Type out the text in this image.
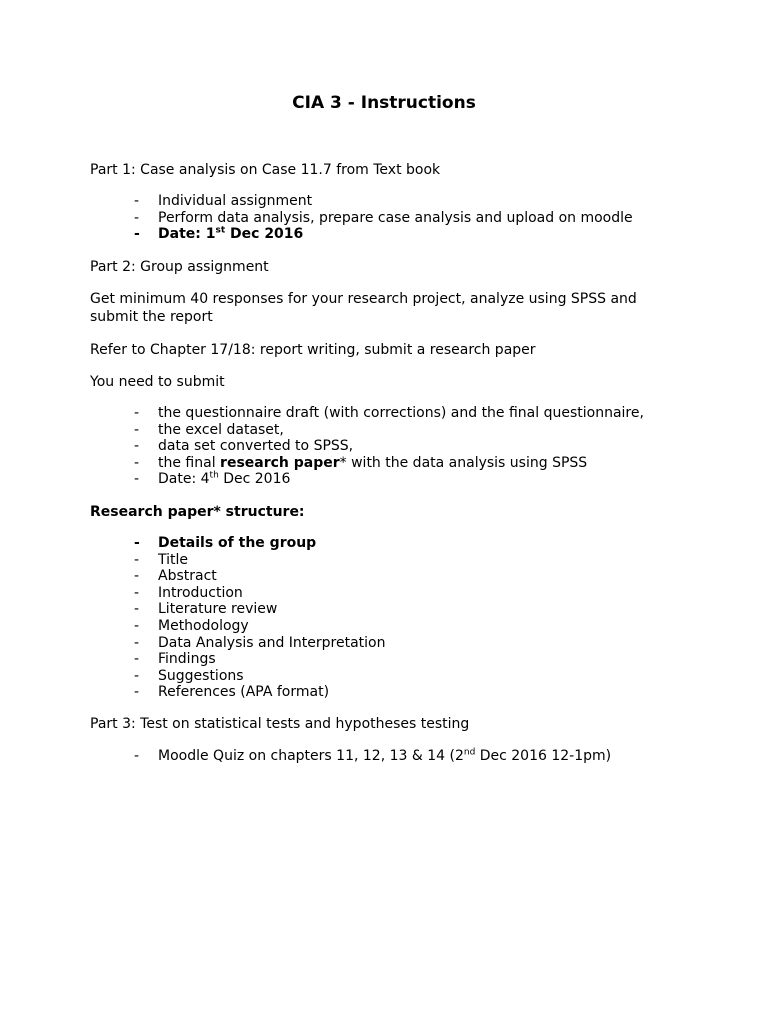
CIA 3 - Instructions
Part 1: Case analysis on Case 11.7 from Text book
- Individual assignment
- Perform data analysis, prepare case analysis and upload on moodle
- Date: 1st Dec 2016
Part 2: Group assignment
Get minimum 40 responses for your research project, analyze using SPSS and submit the report
Refer to Chapter 17/18: report writing, submit a research paper
You need to submit
- the questionnaire draft (with corrections) and the final questionnaire,
- the excel dataset,
- data set converted to SPSS,
- the final research paper* with the data analysis using SPSS
- Date: 4th Dec 2016
Research paper* structure:
- Details of the group
- Title
- Abstract
- Introduction
- Literature review
- Methodology
- Data Analysis and Interpretation
- Findings
- Suggestions
- References (APA format)
Part 3: Test on statistical tests and hypotheses testing
- Moodle Quiz on chapters 11, 12, 13 & 14 (2nd Dec 2016 12-1pm)
